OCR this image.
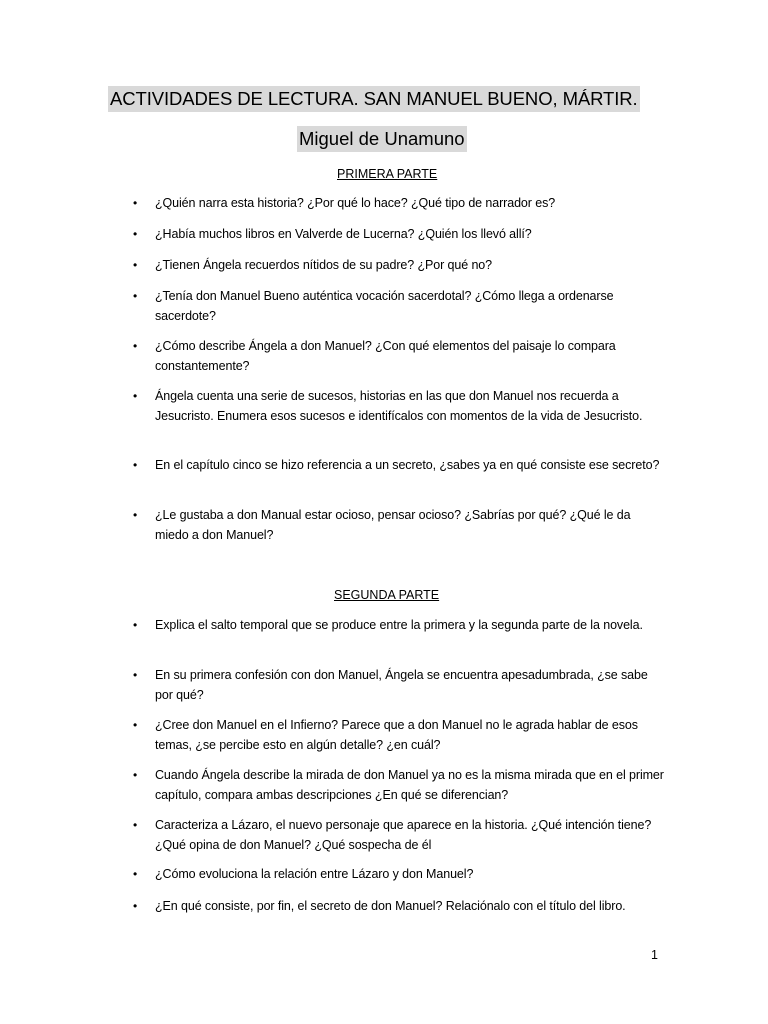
ACTIVIDADES DE LECTURA. SAN MANUEL BUENO, MÁRTIR.
Miguel de Unamuno
PRIMERA PARTE
• ¿Quién narra esta historia? ¿Por qué lo hace? ¿Qué tipo de narrador es?
• ¿Había muchos libros en Valverde de Lucerna? ¿Quién los llevó allí?
• ¿Tienen Ángela recuerdos nítidos de su padre? ¿Por qué no?
• ¿Tenía don Manuel Bueno auténtica vocación sacerdotal? ¿Cómo llega a ordenarse sacerdote?
• ¿Cómo describe Ángela a don Manuel? ¿Con qué elementos del paisaje lo compara constantemente?
• Ángela cuenta una serie de sucesos, historias en las que don Manuel nos recuerda a Jesucristo. Enumera esos sucesos e identifícalos con momentos de la vida de Jesucristo.
• En el capítulo cinco se hizo referencia a un secreto, ¿sabes ya en qué consiste ese secreto?
• ¿Le gustaba a don Manual estar ocioso, pensar ocioso? ¿Sabrías por qué? ¿Qué le da miedo a don Manuel?
SEGUNDA PARTE
• Explica el salto temporal que se produce entre la primera y la segunda parte de la novela.
• En su primera confesión con don Manuel, Ángela se encuentra apesadumbrada, ¿se sabe por qué?
• ¿Cree don Manuel en el Infierno? Parece que a don Manuel no le agrada hablar de esos temas, ¿se percibe esto en algún detalle? ¿en cuál?
• Cuando Ángela describe la mirada de don Manuel ya no es la misma mirada que en el primer capítulo, compara ambas descripciones ¿En qué se diferencian?
• Caracteriza a Lázaro, el nuevo personaje que aparece en la historia. ¿Qué intención tiene? ¿Qué opina de don Manuel? ¿Qué sospecha de él
• ¿Cómo evoluciona la relación entre Lázaro y don Manuel?
• ¿En qué consiste, por fin, el secreto de don Manuel? Relaciónalo con el título del libro.
1
